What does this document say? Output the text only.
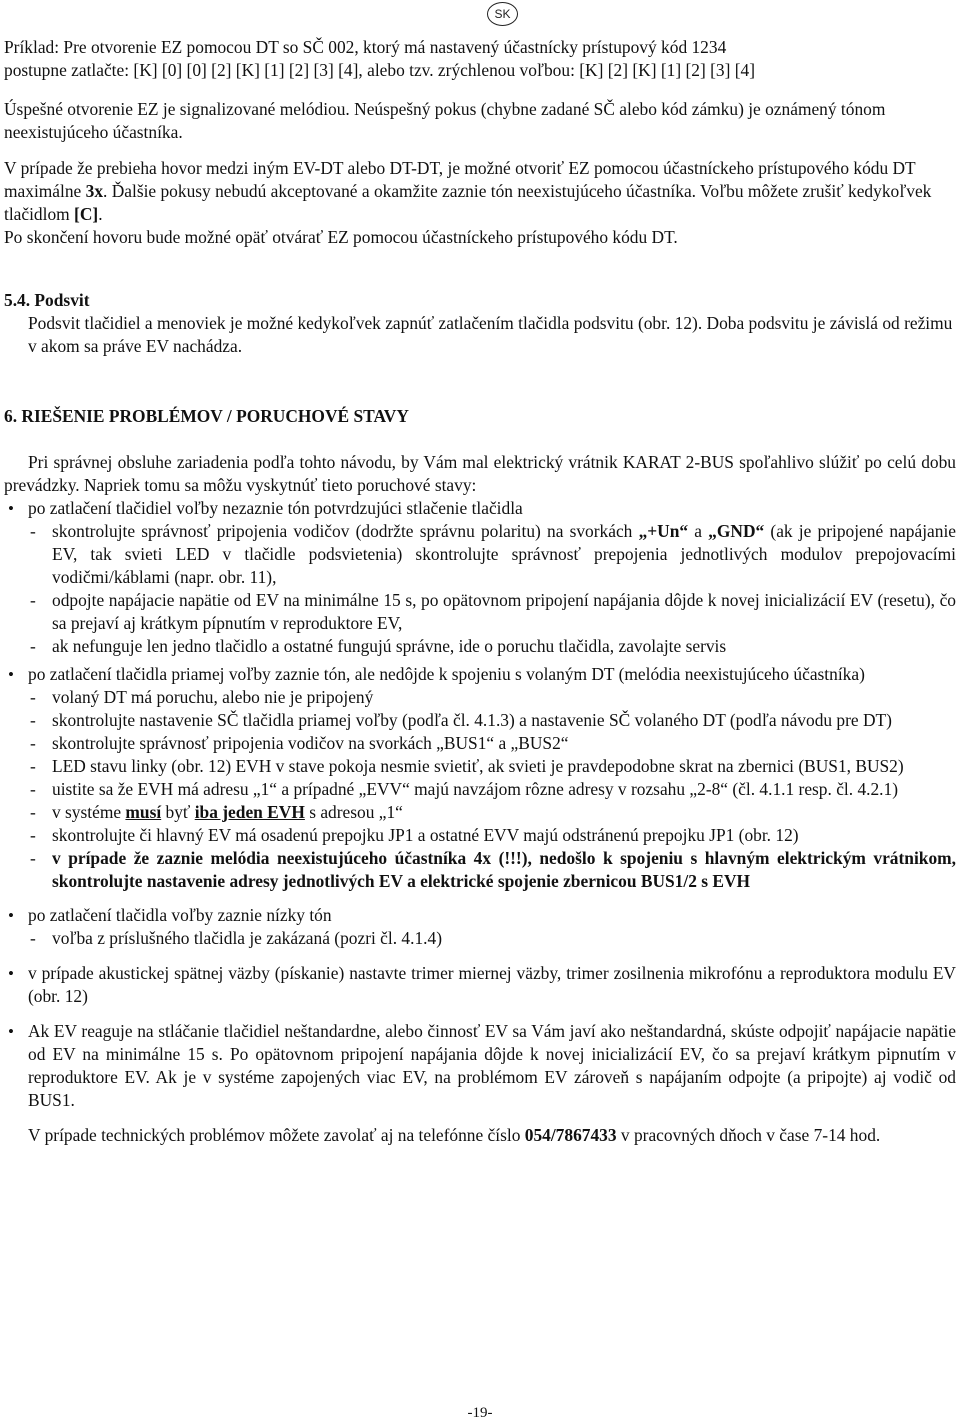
SK

Príklad: Pre otvorenie EZ pomocou DT so SČ 002, ktorý má nastavený účastnícky prístupový kód 1234

postupne zatlačte: [K] [0] [0] [2] [K] [1] [2] [3] [4], alebo tzv. zrýchlenou voľbou: [K] [2] [K] [1] [2] [3] [4]

Úspešné otvorenie EZ je signalizované melódiou. Neúspešný pokus (chybne zadané SČ alebo kód zámku) je oznámený tónom neexistujúceho účastníka.

V prípade že prebieha hovor medzi iným EV-DT alebo DT-DT, je možné otvoriť EZ pomocou účastníckeho prístupového kódu DT maximálne 3x. Ďalšie pokusy nebudú akceptované a okamžite zaznie tón neexistujúceho účastníka. Voľbu môžete zrušiť kedykoľvek tlačidlom [C].

Po skončení hovoru bude možné opäť otvárať EZ pomocou účastníckeho prístupového kódu DT.

5.4. Podsvit

Podsvit tlačidiel a menoviek je možné kedykoľvek zapnúť zatlačením tlačidla podsvitu (obr. 12). Doba podsvitu je závislá od režimu v akom sa práve EV nachádza.

6. RIEŠENIE PROBLÉMOV / PORUCHOVÉ STAVY

Pri správnej obsluhe zariadenia podľa tohto návodu, by Vám mal elektrický vrátnik KARAT 2-BUS spoľahlivo slúžiť po celú dobu prevádzky. Napriek tomu sa môžu vyskytnúť tieto poruchové stavy:

• po zatlačení tlačidiel voľby nezaznie tón potvrdzujúci stlačenie tlačidla

- skontrolujte správnosť pripojenia vodičov (dodržte správnu polaritu) na svorkách „+Un“ a „GND“ (ak je pripojené napájanie EV, tak svieti LED v tlačidle podsvietenia) skontrolujte správnosť prepojenia jednotlivých modulov prepojovacími vodičmi/káblami (napr. obr. 11),

- odpojte napájacie napätie od EV na minimálne 15 s, po opätovnom pripojení napájania dôjde k novej inicializácií EV (resetu), čo sa prejaví aj krátkym pípnutím v reproduktore EV,

- ak nefunguje len jedno tlačidlo a ostatné fungujú správne, ide o poruchu tlačidla, zavolajte servis

• po zatlačení tlačidla priamej voľby zaznie tón, ale nedôjde k spojeniu s volaným DT (melódia neexistujúceho účastníka)

- volaný DT má poruchu, alebo nie je pripojený

- skontrolujte nastavenie SČ tlačidla priamej voľby (podľa čl. 4.1.3) a nastavenie SČ volaného DT (podľa návodu pre DT)

- skontrolujte správnosť pripojenia vodičov na svorkách „BUS1“ a „BUS2“

- LED stavu linky (obr. 12) EVH v stave pokoja nesmie svietiť, ak svieti je pravdepodobne skrat na zbernici (BUS1, BUS2)

- uistite sa že EVH má adresu „1“ a prípadné „EVV“ majú navzájom rôzne adresy v rozsahu „2-8“ (čl. 4.1.1 resp. čl. 4.2.1)

- v systéme musí byť iba jeden EVH s adresou „1“

- skontrolujte či hlavný EV má osadenú prepojku JP1 a ostatné EVV majú odstránenú prepojku JP1 (obr. 12)

- v prípade že zaznie melódia neexistujúceho účastníka 4x (!!!), nedošlo k spojeniu s hlavným elektrickým vrátnikom, skontrolujte nastavenie adresy jednotlivých EV a elektrické spojenie zbernicou BUS1/2 s EVH

• po zatlačení tlačidla voľby zaznie nízky tón

- voľba z príslušného tlačidla je zakázaná (pozri čl. 4.1.4)

• v prípade akustickej spätnej väzby (pískanie) nastavte trimer miernej väzby, trimer zosilnenia mikrofónu a reproduktora modulu EV (obr. 12)

• Ak EV reaguje na stláčanie tlačidiel neštandardne, alebo činnosť EV sa Vám javí ako neštandardná, skúste odpojiť napájacie napätie od EV na minimálne 15 s. Po opätovnom pripojení napájania dôjde k novej inicializácií EV, čo sa prejaví krátkym pipnutím v reproduktore EV. Ak je v systéme zapojených viac EV, na problémom EV zároveň s napájaním odpojte (a pripojte) aj vodič od BUS1.

V prípade technických problémov môžete zavolať aj na telefónne číslo 054/7867433 v pracovných dňoch v čase 7-14 hod.

-19-
